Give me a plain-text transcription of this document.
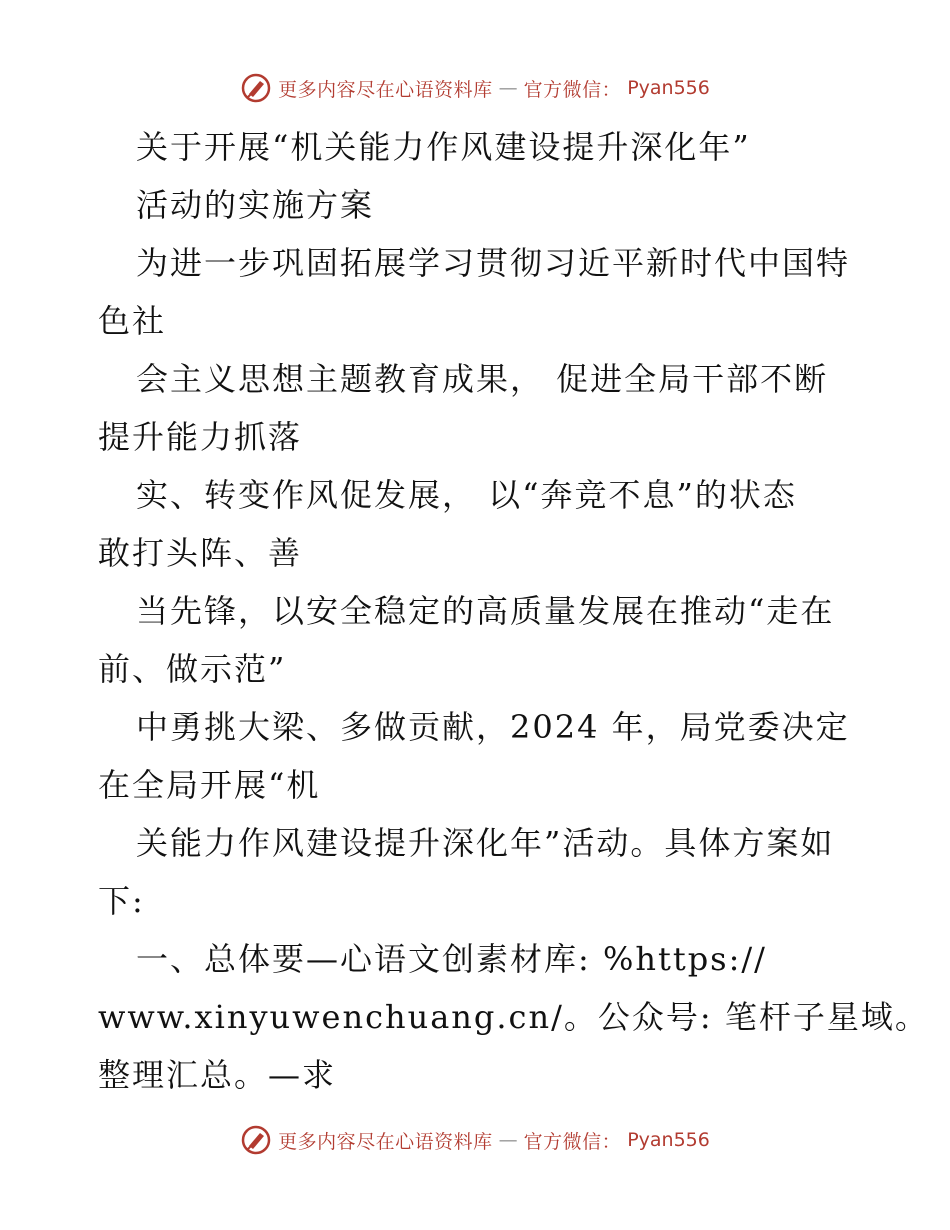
更多内容尽在心语资料库 — 官方微信： Pyan556
关于开展“机关能力作风建设提升深化年”
活动的实施方案
为进一步巩固拓展学习贯彻习近平新时代中国特
色社
会主义思想主题教育成果， 促进全局干部不断
提升能力抓落
实、转变作风促发展， 以“奔竞不息”的状态
敢打头阵、善
当先锋，以安全稳定的高质量发展在推动“走在
前、做示范”
中勇挑大梁、多做贡献，2024 年，局党委决定
在全局开展“机
关能力作风建设提升深化年”活动。具体方案如
下:
一、总体要—心语文创素材库: %https://
www.xinyuwenchuang.cn/。公众号: 笔杆子星域。
整理汇总。—求
更多内容尽在心语资料库 — 官方微信： Pyan556
